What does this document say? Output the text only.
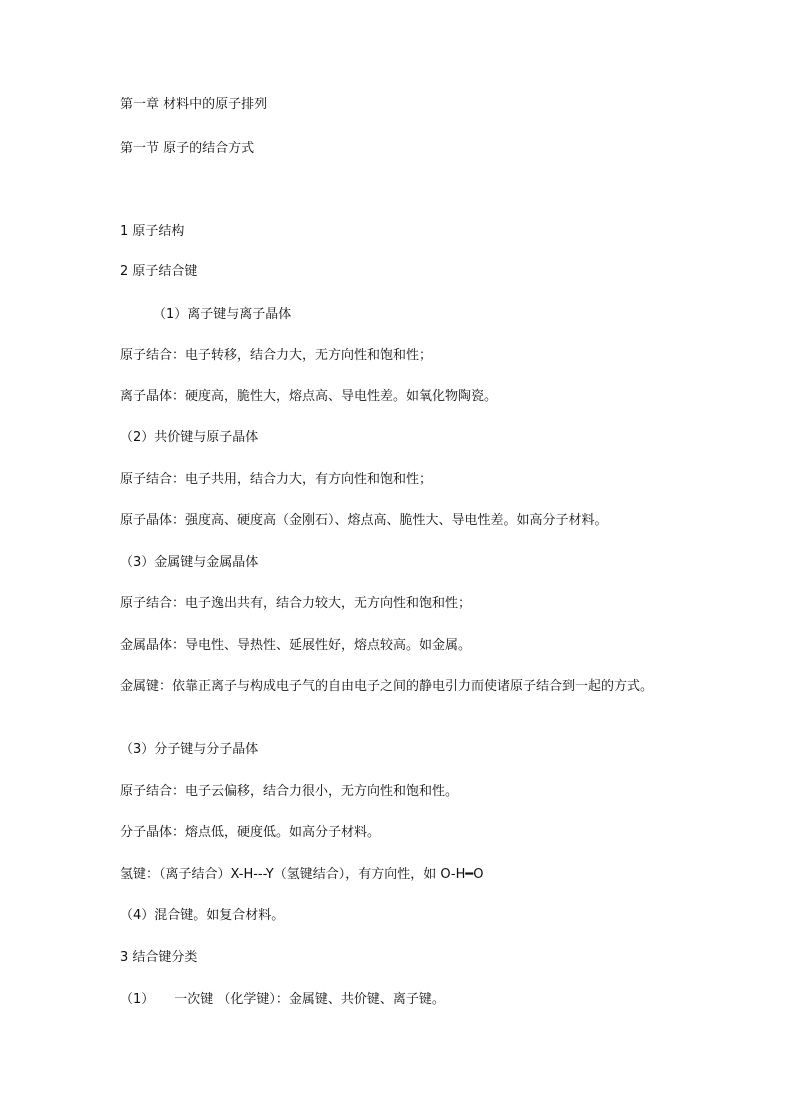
第一章 材料中的原子排列
第一节 原子的结合方式
1 原子结构
2 原子结合键
（1）离子键与离子晶体
原子结合：电子转移，结合力大，无方向性和饱和性；
离子晶体：硬度高，脆性大，熔点高、导电性差。如氧化物陶瓷。
（2）共价键与原子晶体
原子结合：电子共用，结合力大，有方向性和饱和性；
原子晶体：强度高、硬度高（金刚石）、熔点高、脆性大、导电性差。如高分子材料。
（3）金属键与金属晶体
原子结合：电子逸出共有，结合力较大，无方向性和饱和性；
金属晶体：导电性、导热性、延展性好，熔点较高。如金属。
金属键：依靠正离子与构成电子气的自由电子之间的静电引力而使诸原子结合到一起的方式。
（3）分子键与分子晶体
原子结合：电子云偏移，结合力很小，无方向性和饱和性。
分子晶体：熔点低，硬度低。如高分子材料。
氢键：（离子结合）X-H---Y（氢键结合），有方向性，如 O-H━O
（4）混合键。如复合材料。
3 结合键分类
（1） 一次键 （化学键）：金属键、共价键、离子键。
